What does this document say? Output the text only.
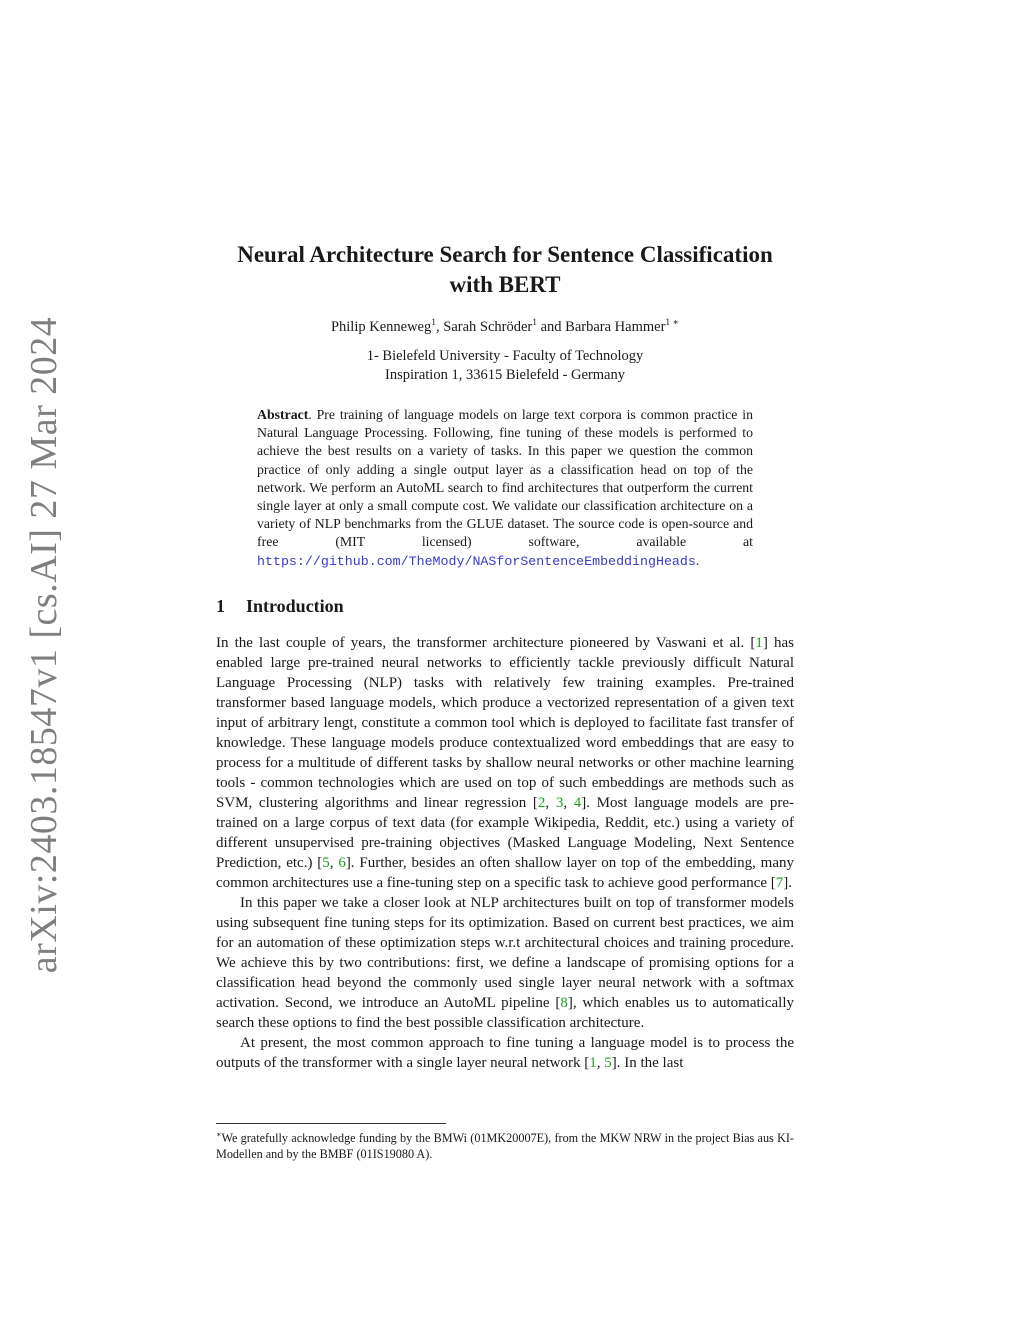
arXiv:2403.18547v1 [cs.AI] 27 Mar 2024
Neural Architecture Search for Sentence Classification
with BERT
Philip Kenneweg$^1$, Sarah Schröder$^1$ and Barbara Hammer$^{1 ∗}$
1- Bielefeld University - Faculty of Technology
Inspiration 1, 33615 Bielefeld - Germany
Abstract. Pre training of language models on large text corpora is common practice in Natural Language Processing. Following, fine tuning of these models is performed to achieve the best results on a variety of tasks. In this paper we question the common practice of only adding a single output layer as a classification head on top of the network. We perform an AutoML search to find architectures that outperform the current single layer at only a small compute cost. We validate our classification architecture on a variety of NLP benchmarks from the GLUE dataset. The source code is open-source and free (MIT licensed) software, available at https://github.com/TheMody/NASforSentenceEmbeddingHeads.
1 Introduction

In the last couple of years, the transformer architecture pioneered by Vaswani et al. [1] has enabled large pre-trained neural networks to efficiently tackle previously difficult Natural Language Processing (NLP) tasks with relatively few training examples. Pre-trained transformer based language models, which produce a vectorized representation of a given text input of arbitrary lengt, constitute a common tool which is deployed to facilitate fast transfer of knowledge. These language models produce contextualized word embeddings that are easy to process for a multitude of different tasks by shallow neural networks or other machine learning tools - common technologies which are used on top of such embeddings are methods such as SVM, clustering algorithms and linear regression [2, 3, 4]. Most language models are pre-trained on a large corpus of text data (for example Wikipedia, Reddit, etc.) using a variety of different unsupervised pre-training objectives (Masked Language Modeling, Next Sentence Prediction, etc.) [5, 6]. Further, besides an often shallow layer on top of the embedding, many common architectures use a fine-tuning step on a specific task to achieve good performance [7].

In this paper we take a closer look at NLP architectures built on top of transformer models using subsequent fine tuning steps for its optimization. Based on current best practices, we aim for an automation of these optimization steps w.r.t architectural choices and training procedure. We achieve this by two contributions: first, we define a landscape of promising options for a classification head beyond the commonly used single layer neural network with a softmax activation. Second, we introduce an AutoML pipeline [8], which enables us to automatically search these options to find the best possible classification architecture.

At present, the most common approach to fine tuning a language model is to process the outputs of the transformer with a single layer neural network [1, 5]. In the last

∗We gratefully acknowledge funding by the BMWi (01MK20007E), from the MKW NRW in the project Bias aus KI-Modellen and by the BMBF (01IS19080 A).
